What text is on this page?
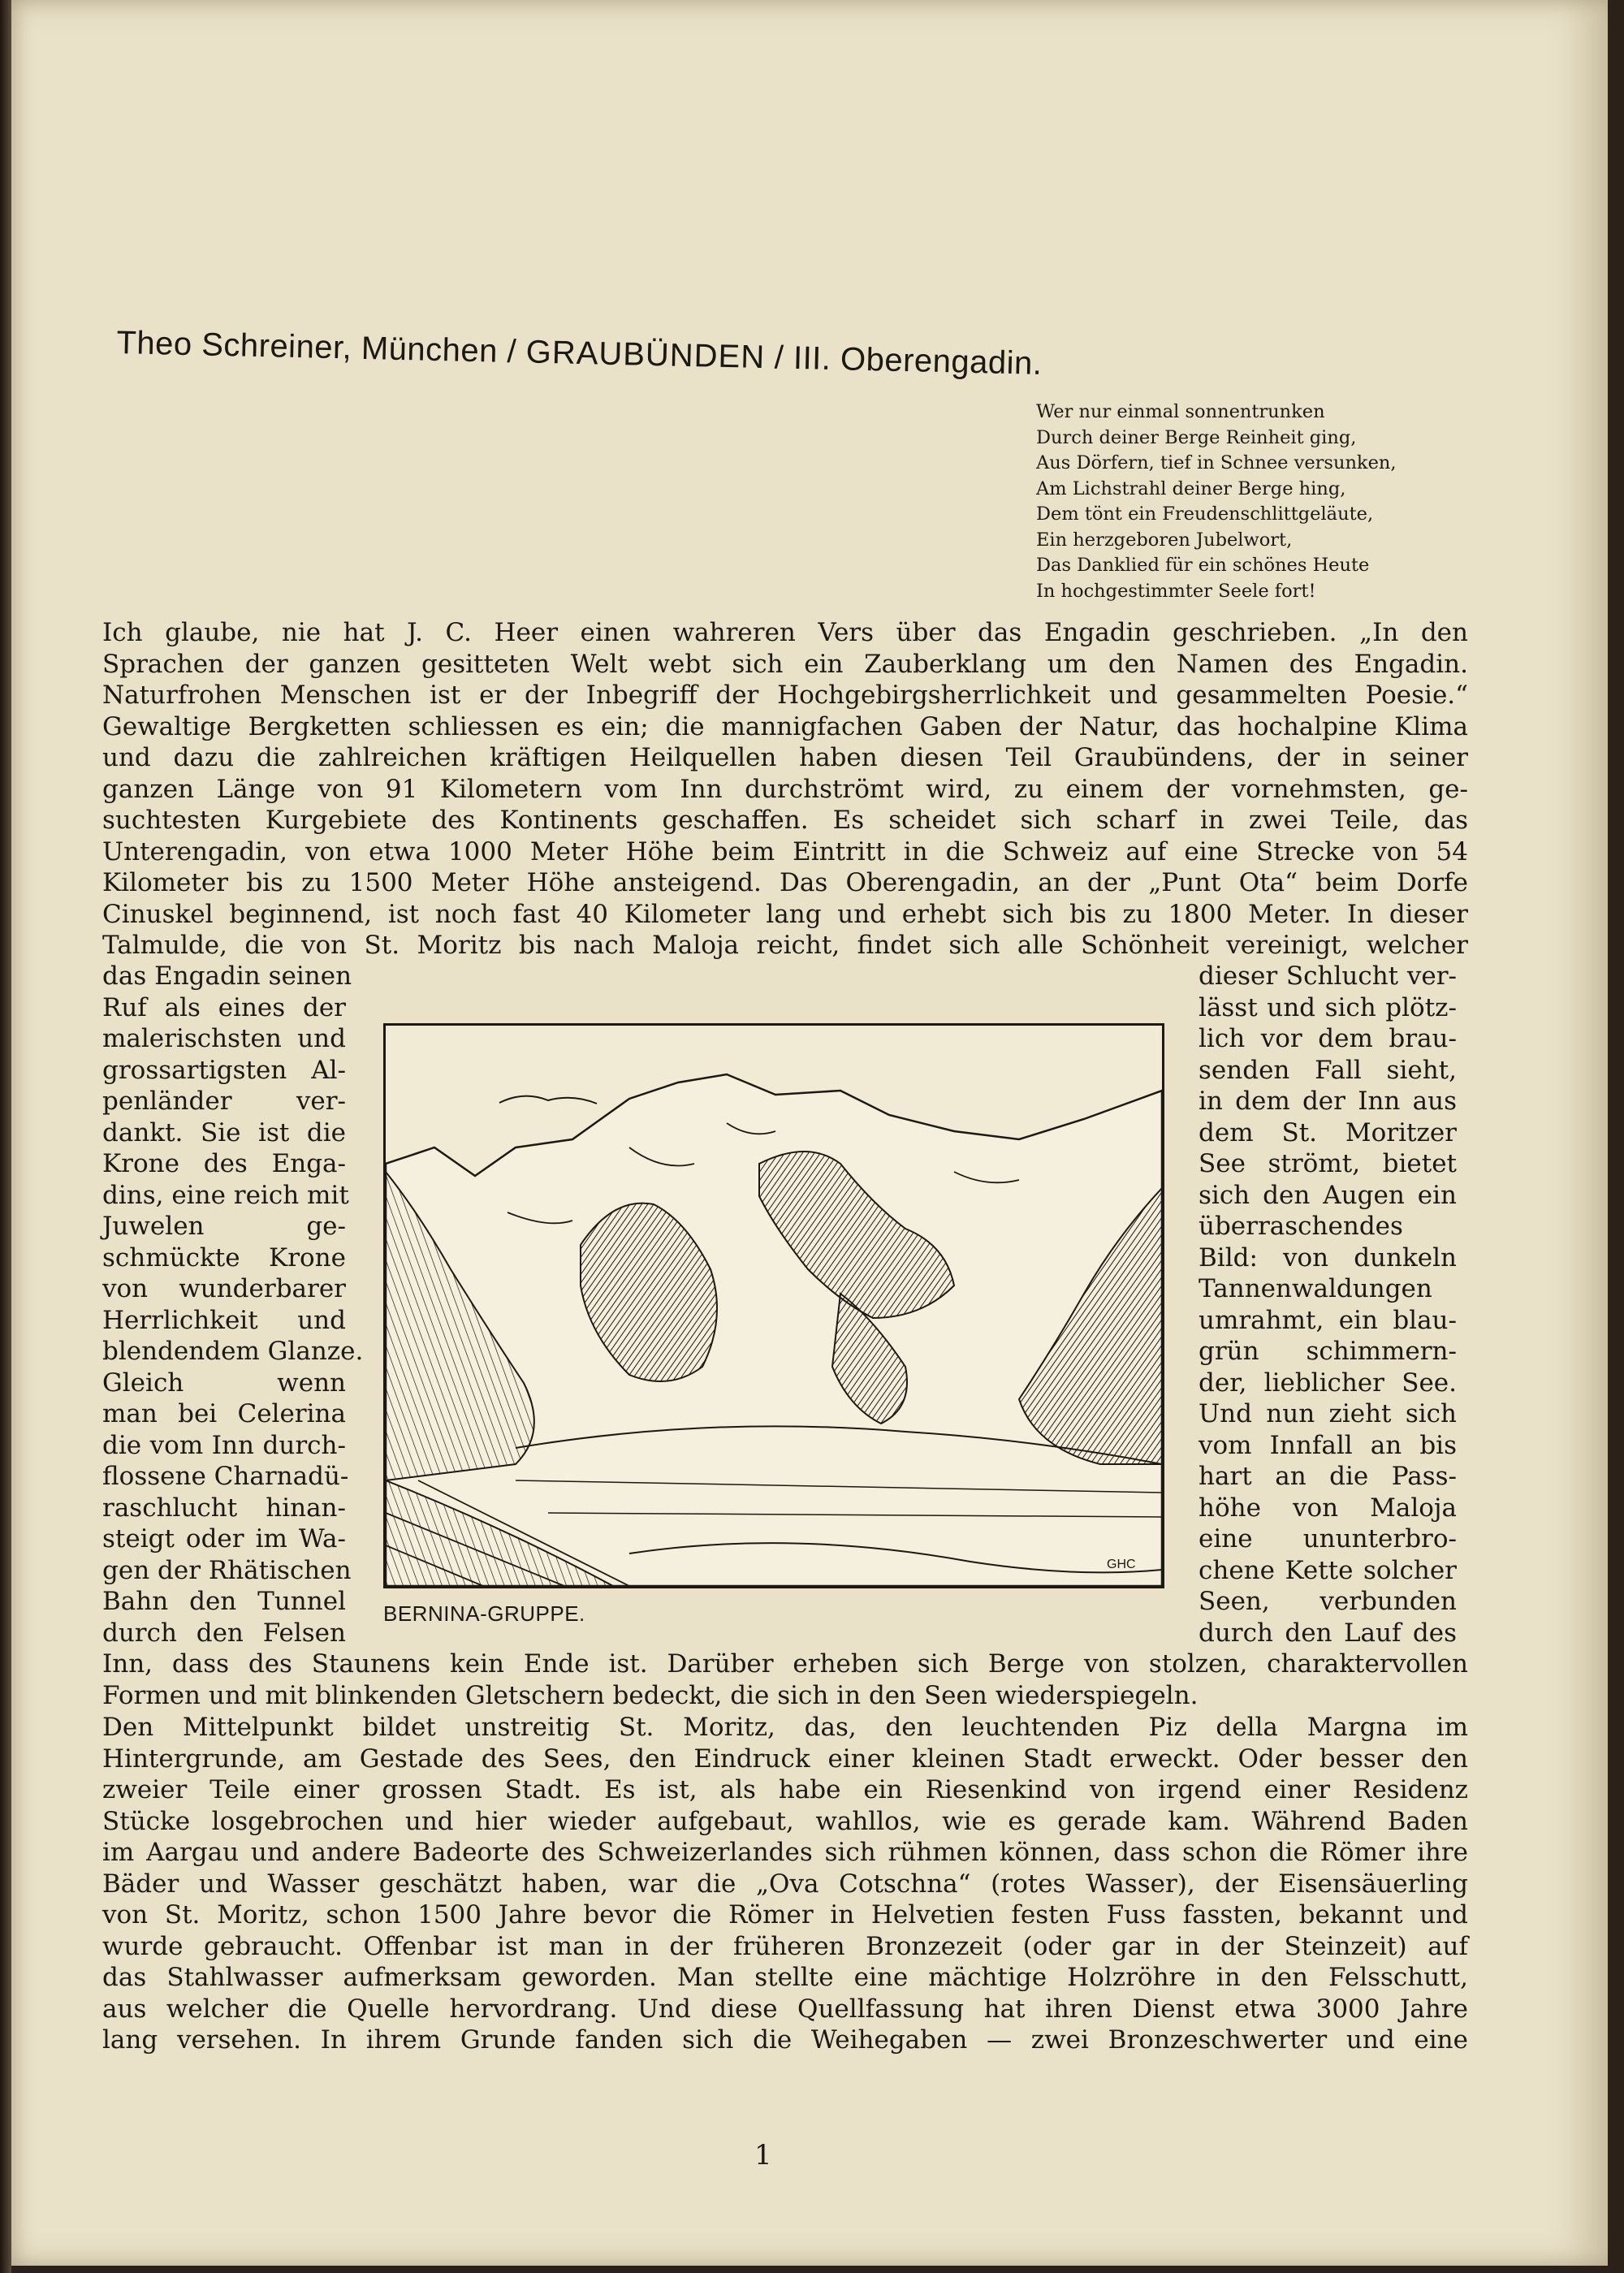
Theo Schreiner, München / GRAUBÜNDEN / III. Oberengadin.
Wer nur einmal sonnentrunken
Durch deiner Berge Reinheit ging,
Aus Dörfern, tief in Schnee versunken,
Am Lichstrahl deiner Berge hing,
Dem tönt ein Freudenschlittgeläute,
Ein herzgeboren Jubelwort,
Das Danklied für ein schönes Heute
In hochgestimmter Seele fort!
Ich glaube, nie hat J. C. Heer einen wahreren Vers über das Engadin geschrieben. „In den
Sprachen der ganzen gesitteten Welt webt sich ein Zauberklang um den Namen des Engadin.
Naturfrohen Menschen ist er der Inbegriff der Hochgebirgsherrlichkeit und gesammelten Poesie.“
Gewaltige Bergketten schliessen es ein; die mannigfachen Gaben der Natur, das hochalpine Klima
und dazu die zahlreichen kräftigen Heilquellen haben diesen Teil Graubündens, der in seiner
ganzen Länge von 91 Kilometern vom Inn durchströmt wird, zu einem der vornehmsten, ge-
suchtesten Kurgebiete des Kontinents geschaffen. Es scheidet sich scharf in zwei Teile, das
Unterengadin, von etwa 1000 Meter Höhe beim Eintritt in die Schweiz auf eine Strecke von 54
Kilometer bis zu 1500 Meter Höhe ansteigend. Das Oberengadin, an der „Punt Ota“ beim Dorfe
Cinuskel beginnend, ist noch fast 40 Kilometer lang und erhebt sich bis zu 1800 Meter. In dieser
Talmulde, die von St. Moritz bis nach Maloja reicht, findet sich alle Schönheit vereinigt, welcher
das Engadin seinen
Ruf als eines der
malerischsten und
grossartigsten Al-
penländer ver-
dankt. Sie ist die
Krone des Enga-
dins, eine reich mit
Juwelen ge-
schmückte Krone
von wunderbarer
Herrlichkeit und
blendendem Glanze.
Gleich wenn
man bei Celerina
die vom Inn durch-
flossene Charnadü-
raschlucht hinan-
steigt oder im Wa-
gen der Rhätischen
Bahn den Tunnel
durch den Felsen
GHC
BERNINA-GRUPPE.
dieser Schlucht ver-
lässt und sich plötz-
lich vor dem brau-
senden Fall sieht,
in dem der Inn aus
dem St. Moritzer
See strömt, bietet
sich den Augen ein
überraschendes
Bild: von dunkeln
Tannenwaldungen
umrahmt, ein blau-
grün schimmern-
der, lieblicher See.
Und nun zieht sich
vom Innfall an bis
hart an die Pass-
höhe von Maloja
eine ununterbro-
chene Kette solcher
Seen, verbunden
durch den Lauf des
Inn, dass des Staunens kein Ende ist. Darüber erheben sich Berge von stolzen, charaktervollen
Formen und mit blinkenden Gletschern bedeckt, die sich in den Seen wiederspiegeln.
Den Mittelpunkt bildet unstreitig St. Moritz, das, den leuchtenden Piz della Margna im
Hintergrunde, am Gestade des Sees, den Eindruck einer kleinen Stadt erweckt. Oder besser den
zweier Teile einer grossen Stadt. Es ist, als habe ein Riesenkind von irgend einer Residenz
Stücke losgebrochen und hier wieder aufgebaut, wahllos, wie es gerade kam. Während Baden
im Aargau und andere Badeorte des Schweizerlandes sich rühmen können, dass schon die Römer ihre
Bäder und Wasser geschätzt haben, war die „Ova Cotschna“ (rotes Wasser), der Eisensäuerling
von St. Moritz, schon 1500 Jahre bevor die Römer in Helvetien festen Fuss fassten, bekannt und
wurde gebraucht. Offenbar ist man in der früheren Bronzezeit (oder gar in der Steinzeit) auf
das Stahlwasser aufmerksam geworden. Man stellte eine mächtige Holzröhre in den Felsschutt,
aus welcher die Quelle hervordrang. Und diese Quellfassung hat ihren Dienst etwa 3000 Jahre
lang versehen. In ihrem Grunde fanden sich die Weihegaben — zwei Bronzeschwerter und eine
1
